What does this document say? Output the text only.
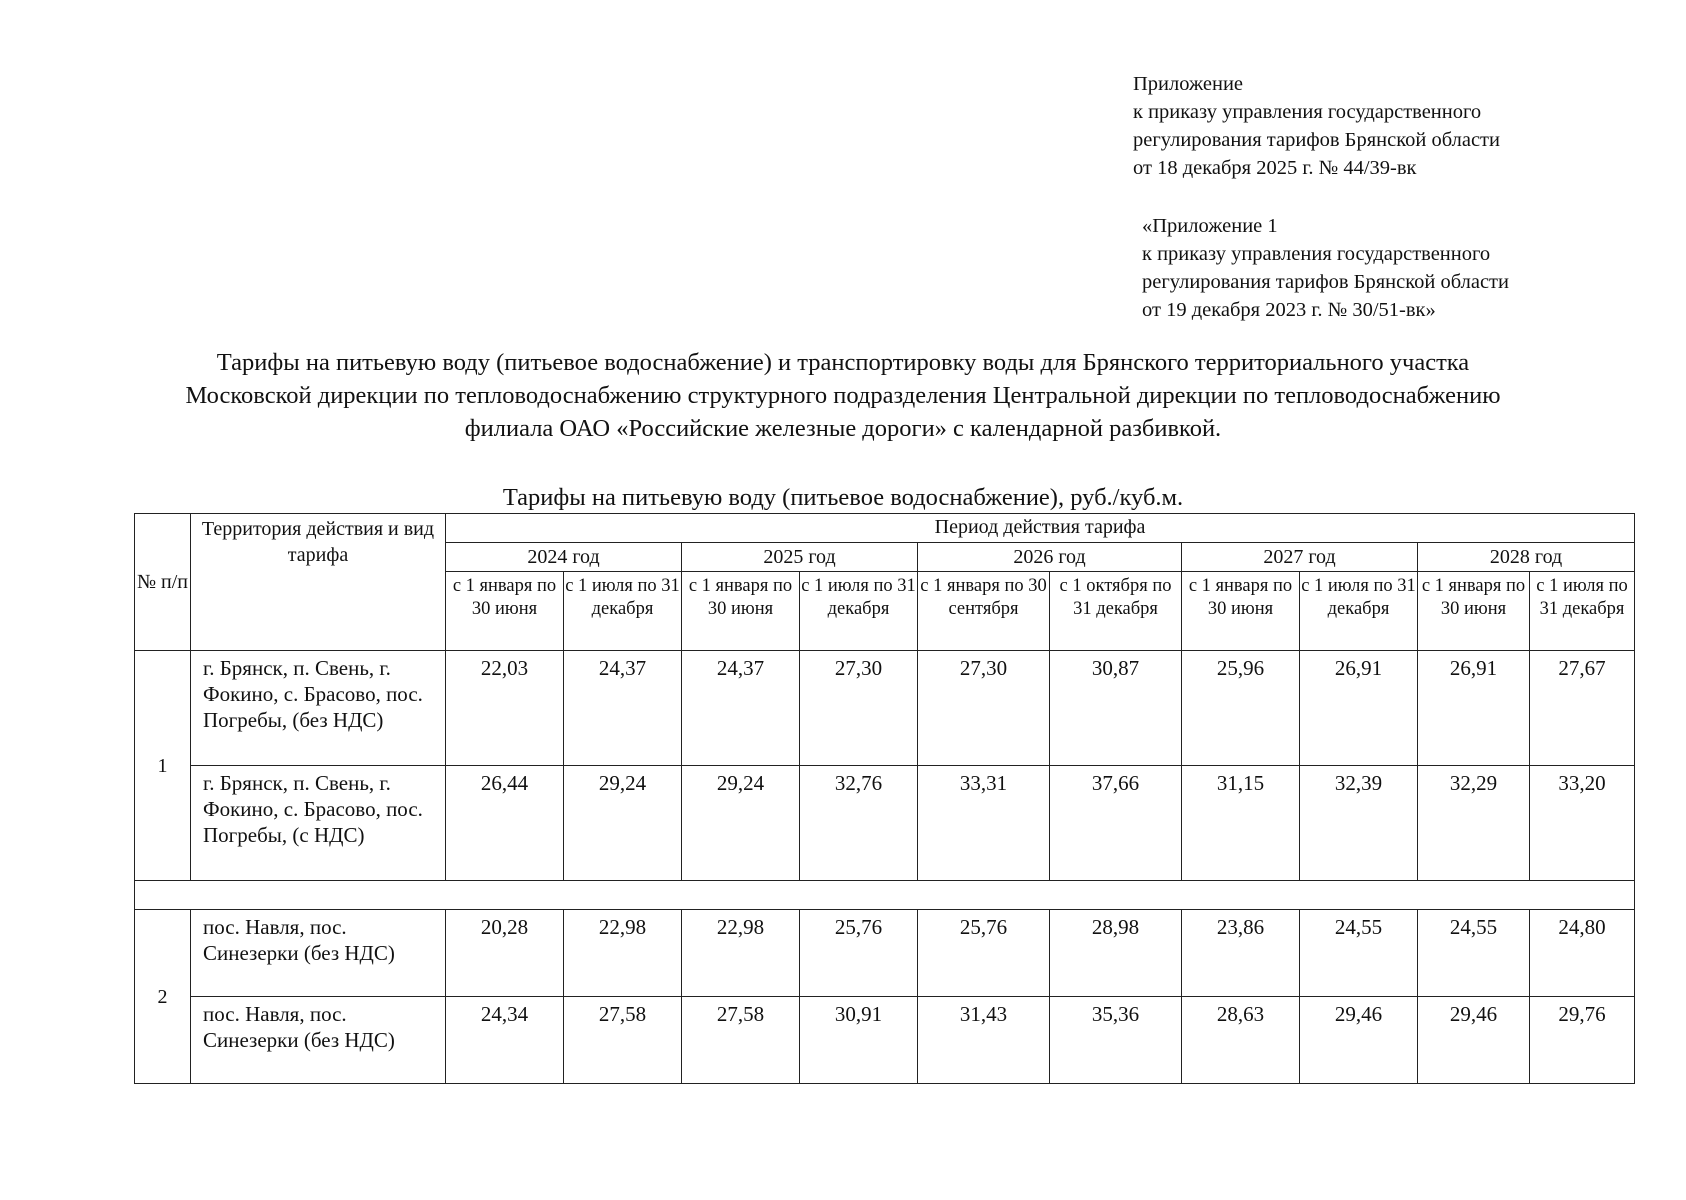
Приложение
к приказу управления государственного
регулирования тарифов Брянской области
от 18 декабря 2025 г. № 44/39-вк
«Приложение 1
к приказу управления государственного
регулирования тарифов Брянской области
от 19 декабря 2023 г. № 30/51-вк»
Тарифы на питьевую воду (питьевое водоснабжение) и транспортировку воды для Брянского территориального участка
Московской дирекции по тепловодоснабжению структурного подразделения Центральной дирекции по тепловодоснабжению
филиала ОАО «Российские железные дороги» с календарной разбивкой.
Тарифы на питьевую воду (питьевое водоснабжение), руб./куб.м.
№ п/п	Территория действия и вид тарифа	Период действия тарифа									
		2024 год		2025 год		2026 год		2027 год		2028 год	
		с 1 января по 30 июня	с 1 июля по 31 декабря	с 1 января по 30 июня	с 1 июля по 31 декабря	с 1 января по 30 сентября	с 1 октября по 31 декабря	с 1 января по 30 июня	с 1 июля по 31 декабря	с 1 января по 30 июня	с 1 июля по 31 декабря
1	г. Брянск, п. Свень, г. Фокино, с. Брасово, пос. Погребы, (без НДС)	22,03	24,37	24,37	27,30	27,30	30,87	25,96	26,91	26,91	27,67
	г. Брянск, п. Свень, г. Фокино, с. Брасово, пос. Погребы, (с НДС)	26,44	29,24	29,24	32,76	33,31	37,66	31,15	32,39	32,29	33,20

2	пос. Навля, пос. Синезерки (без НДС)	20,28	22,98	22,98	25,76	25,76	28,98	23,86	24,55	24,55	24,80
	пос. Навля, пос. Синезерки (без НДС)	24,34	27,58	27,58	30,91	31,43	35,36	28,63	29,46	29,46	29,76
